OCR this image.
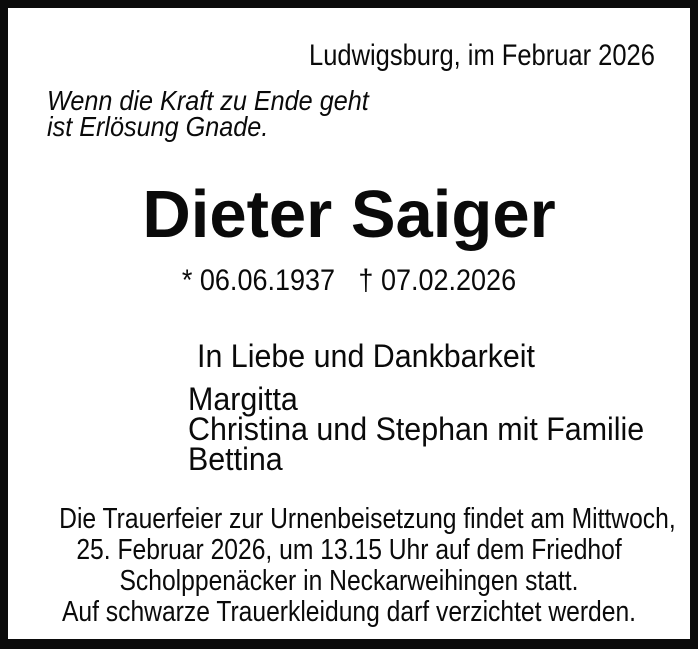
Ludwigsburg, im Februar 2026
Wenn die Kraft zu Ende geht
ist Erlösung Gnade.
Dieter Saiger
* 06.06.1937 † 07.02.2026
In Liebe und Dankbarkeit
Margitta
Christina und Stephan mit Familie
Bettina
Die Trauerfeier zur Urnenbeisetzung findet am Mittwoch,
25. Februar 2026, um 13.15 Uhr auf dem Friedhof
Scholppenäcker in Neckarweihingen statt.
Auf schwarze Trauerkleidung darf verzichtet werden.
